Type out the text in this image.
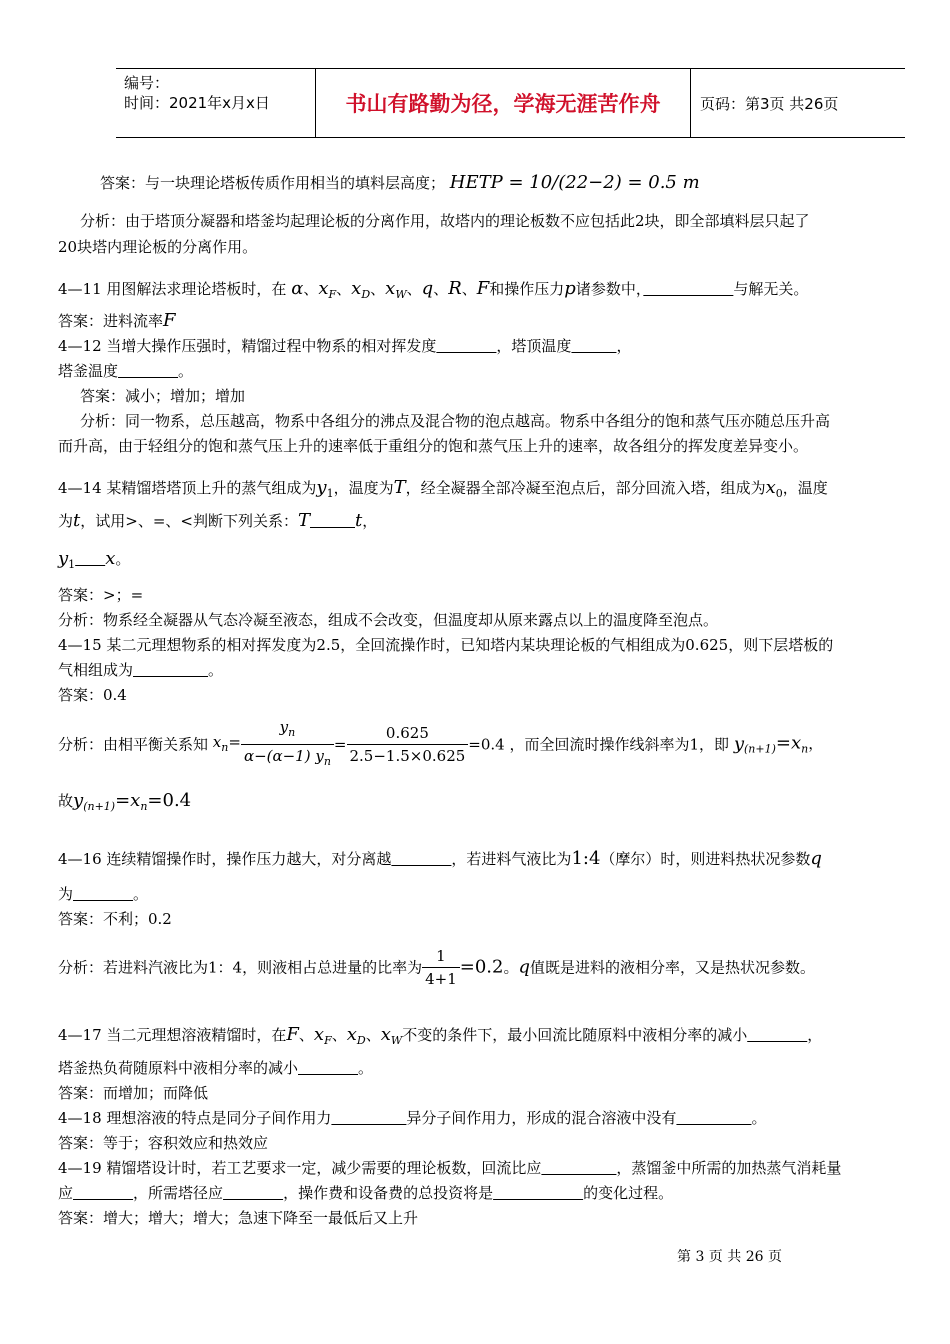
编号：
时间：2021年x月x日	书山有路勤为径，学海无涯苦作舟	页码：第3页 共26页
答案：与一块理论塔板传质作用相当的填料层高度； HETP = 10/(22−2) = 0.5 m
分析：由于塔顶分凝器和塔釜均起理论板的分离作用，故塔内的理论板数不应包括此2块，即全部填料层只起了
20块塔内理论板的分离作用。
4—11 用图解法求理论塔板时，在 α、$x_F$、$x_D$、$x_W$、q、R、F和操作压力p诸参数中，　　　　　　	与解无关。
答案：进料流率F
4—12 当增大操作压强时，精馏过程中物系的相对挥发度　　　　	，塔顶温度　　　	，
塔釜温度　　　　	。
答案：减小；增加；增加
分析：同一物系，总压越高，物系中各组分的沸点及混合物的泡点越高。物系中各组分的饱和蒸气压亦随总压升高
而升高，由于轻组分的饱和蒸气压上升的速率低于重组分的饱和蒸气压上升的速率，故各组分的挥发度差异变小。
4—14 某精馏塔塔顶上升的蒸气组成为$y_1$，温度为T，经全凝器全部冷凝至泡点后，部分回流入塔，组成为$x_0$，温度
为t，试用>、=、<判断下列关系：T　　　	t，
$y_1$　　 x。
答案：>；=
分析：物系经全凝器从气态冷凝至液态，组成不会改变，但温度却从原来露点以上的温度降至泡点。
4—15 某二元理想物系的相对挥发度为2.5，全回流操作时，已知塔内某块理论板的气相组成为0.625，则下层塔板的
气相组成为　　　　　	。
答案：0.4
分析：由相平衡关系知 $x_n= \frac{y_n}{\alpha-(\alpha-1) y_n} = \frac{0.625}{2.5-1.5\times 0.625} =0.4$ ，而全回流时操作线斜率为1，即 $y_{(n+1)}=x_n$，
故$y_{(n+1)}=x_n=0.4$
4—16 连续精馏操作时，操作压力越大，对分离越　　　　	，若进料气液比为1:4（摩尔）时，则进料热状况参数q
为　　　　	。
答案：不利；0.2
分析：若进料汽液比为1：4，则液相占总进量的比率为 $\frac{1}{4+1} =0.2$。q值既是进料的液相分率，又是热状况参数。
4—17 当二元理想溶液精馏时，在F、$x_F$、$x_D$、$x_W$不变的条件下，最小回流比随原料中液相分率的减小　　　　	，
塔釜热负荷随原料中液相分率的减小　　　　	。
答案：而增加；而降低
4—18 理想溶液的特点是同分子间作用力　　　　　	异分子间作用力，形成的混合溶液中没有　　　　　	。
答案：等于；容积效应和热效应
4—19 精馏塔设计时，若工艺要求一定，减少需要的理论板数，回流比应　　　　　	，蒸馏釜中所需的加热蒸气消耗量
应　　　　	，所需塔径应　　　　	，操作费和设备费的总投资将是　　　　　　	的变化过程。
答案：增大；增大；增大；急速下降至一最低后又上升
第 3 页 共 26 页
